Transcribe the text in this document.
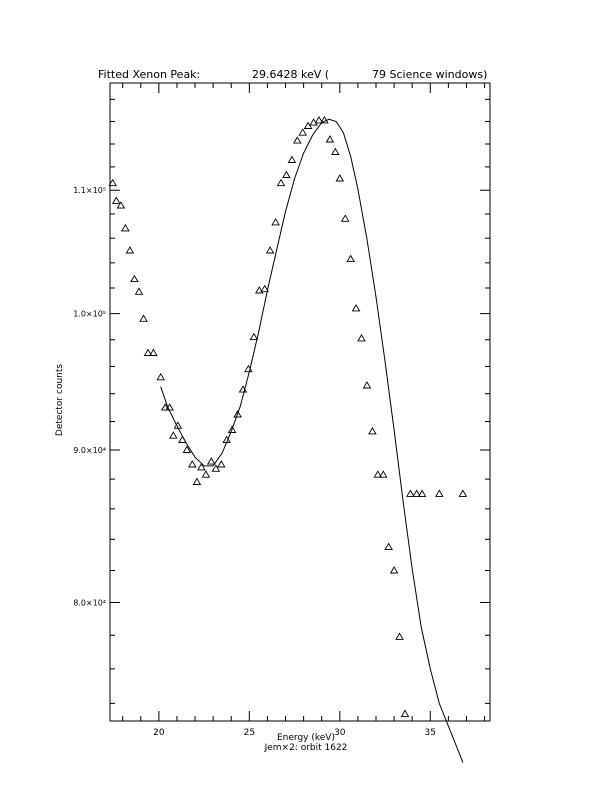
20	25	30	35
8.0×10⁴
9.0×10⁴
1.0×10⁵
1.1×10⁵
Fitted Xenon Peak:	29.6428 keV (	79 Science windows)
Detector counts
Energy (keV)
Jem×2: orbit 1622
